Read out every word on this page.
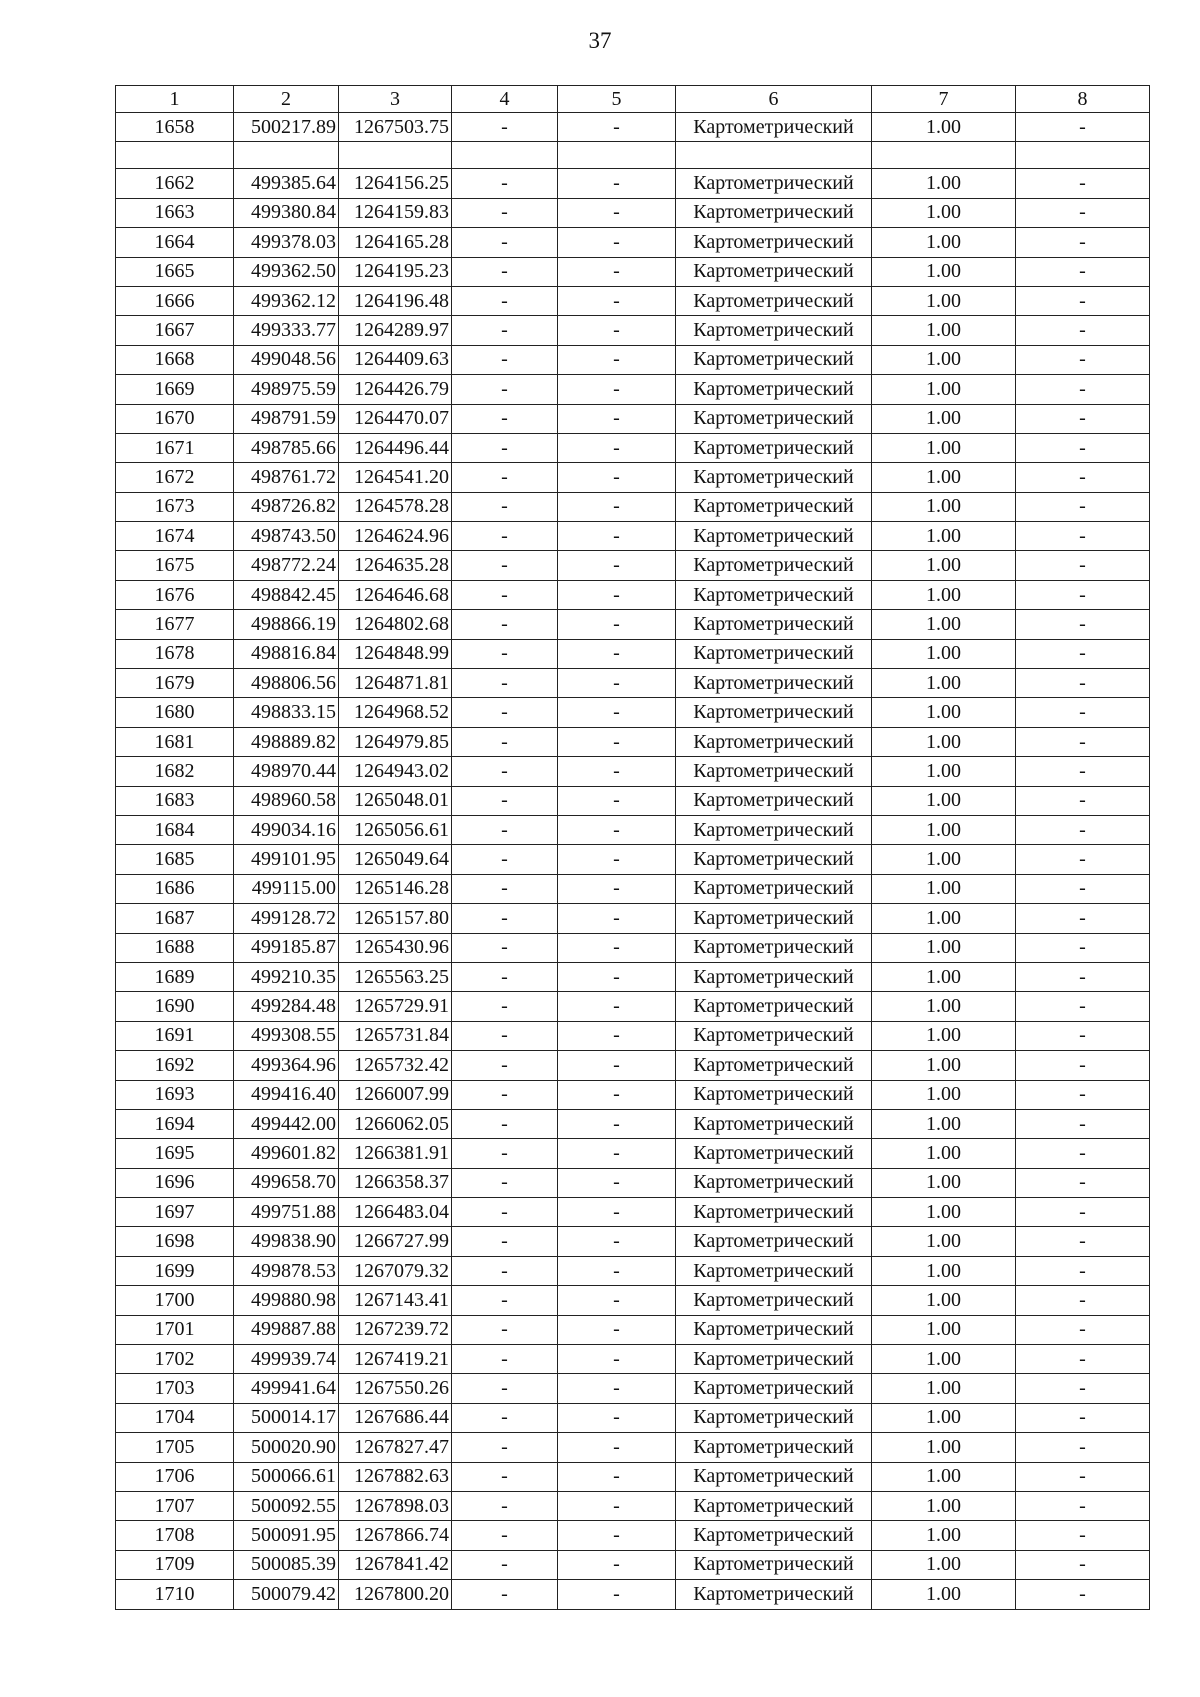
37
1	2	3	4	5	6	7	8
1658	500217.89	1267503.75	-	-	Картометрический	1.00	-

1662	499385.64	1264156.25	-	-	Картометрический	1.00	-
1663	499380.84	1264159.83	-	-	Картометрический	1.00	-
1664	499378.03	1264165.28	-	-	Картометрический	1.00	-
1665	499362.50	1264195.23	-	-	Картометрический	1.00	-
1666	499362.12	1264196.48	-	-	Картометрический	1.00	-
1667	499333.77	1264289.97	-	-	Картометрический	1.00	-
1668	499048.56	1264409.63	-	-	Картометрический	1.00	-
1669	498975.59	1264426.79	-	-	Картометрический	1.00	-
1670	498791.59	1264470.07	-	-	Картометрический	1.00	-
1671	498785.66	1264496.44	-	-	Картометрический	1.00	-
1672	498761.72	1264541.20	-	-	Картометрический	1.00	-
1673	498726.82	1264578.28	-	-	Картометрический	1.00	-
1674	498743.50	1264624.96	-	-	Картометрический	1.00	-
1675	498772.24	1264635.28	-	-	Картометрический	1.00	-
1676	498842.45	1264646.68	-	-	Картометрический	1.00	-
1677	498866.19	1264802.68	-	-	Картометрический	1.00	-
1678	498816.84	1264848.99	-	-	Картометрический	1.00	-
1679	498806.56	1264871.81	-	-	Картометрический	1.00	-
1680	498833.15	1264968.52	-	-	Картометрический	1.00	-
1681	498889.82	1264979.85	-	-	Картометрический	1.00	-
1682	498970.44	1264943.02	-	-	Картометрический	1.00	-
1683	498960.58	1265048.01	-	-	Картометрический	1.00	-
1684	499034.16	1265056.61	-	-	Картометрический	1.00	-
1685	499101.95	1265049.64	-	-	Картометрический	1.00	-
1686	499115.00	1265146.28	-	-	Картометрический	1.00	-
1687	499128.72	1265157.80	-	-	Картометрический	1.00	-
1688	499185.87	1265430.96	-	-	Картометрический	1.00	-
1689	499210.35	1265563.25	-	-	Картометрический	1.00	-
1690	499284.48	1265729.91	-	-	Картометрический	1.00	-
1691	499308.55	1265731.84	-	-	Картометрический	1.00	-
1692	499364.96	1265732.42	-	-	Картометрический	1.00	-
1693	499416.40	1266007.99	-	-	Картометрический	1.00	-
1694	499442.00	1266062.05	-	-	Картометрический	1.00	-
1695	499601.82	1266381.91	-	-	Картометрический	1.00	-
1696	499658.70	1266358.37	-	-	Картометрический	1.00	-
1697	499751.88	1266483.04	-	-	Картометрический	1.00	-
1698	499838.90	1266727.99	-	-	Картометрический	1.00	-
1699	499878.53	1267079.32	-	-	Картометрический	1.00	-
1700	499880.98	1267143.41	-	-	Картометрический	1.00	-
1701	499887.88	1267239.72	-	-	Картометрический	1.00	-
1702	499939.74	1267419.21	-	-	Картометрический	1.00	-
1703	499941.64	1267550.26	-	-	Картометрический	1.00	-
1704	500014.17	1267686.44	-	-	Картометрический	1.00	-
1705	500020.90	1267827.47	-	-	Картометрический	1.00	-
1706	500066.61	1267882.63	-	-	Картометрический	1.00	-
1707	500092.55	1267898.03	-	-	Картометрический	1.00	-
1708	500091.95	1267866.74	-	-	Картометрический	1.00	-
1709	500085.39	1267841.42	-	-	Картометрический	1.00	-
1710	500079.42	1267800.20	-	-	Картометрический	1.00	-
